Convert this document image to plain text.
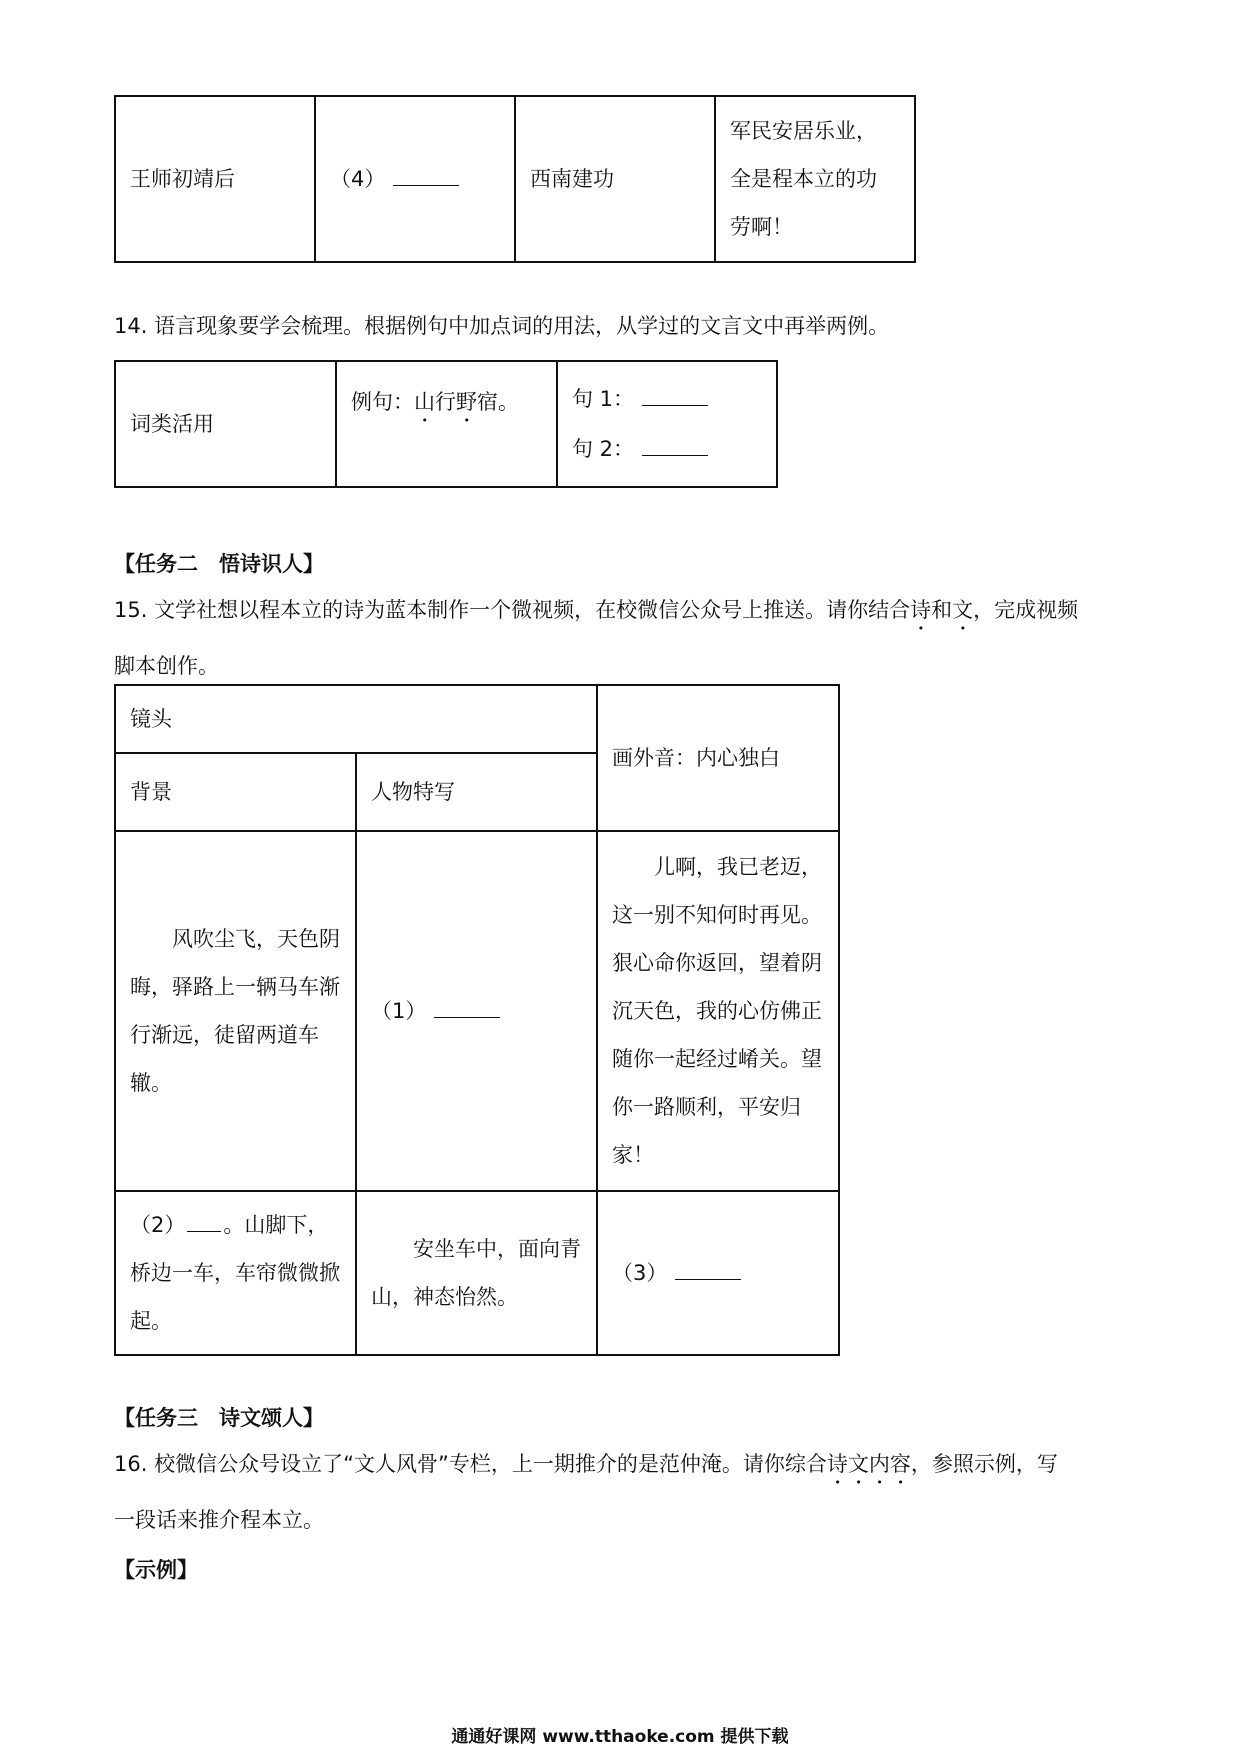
王师初靖后	（4）	西南建功	
军民安居乐业，
全是程本立的功
劳啊！
14. 语言现象要学会梳理。根据例句中加点词的用法，从学过的文言文中再举两例。
词类活用	例句：山行野宿。	句 1：
句 2：
【任务二　悟诗识人】
15. 文学社想以程本立的诗为蓝本制作一个微视频，在校微信公众号上推送。请你结合诗和文，完成视频
脚本创作。
镜头		画外音：内心独白
背景	人物特写	
风吹尘飞，天色阴晦，驿路上一辆马车渐行渐远，徒留两道车辙。	（1）	儿啊，我已老迈，这一别不知何时再见。狠心命你返回，望着阴沉天色，我的心仿佛正随你一起经过崤关。望你一路顺利，平安归家！
（2） 。山脚下，桥边一车，车帘微微掀起。	安坐车中，面向青山，神态怡然。	（3）
【任务三　诗文颂人】
16. 校微信公众号设立了“文人风骨”专栏，上一期推介的是范仲淹。请你综合诗文内容，参照示例，写
一段话来推介程本立。
【示例】
通通好课网 www.tthaoke.com 提供下载
